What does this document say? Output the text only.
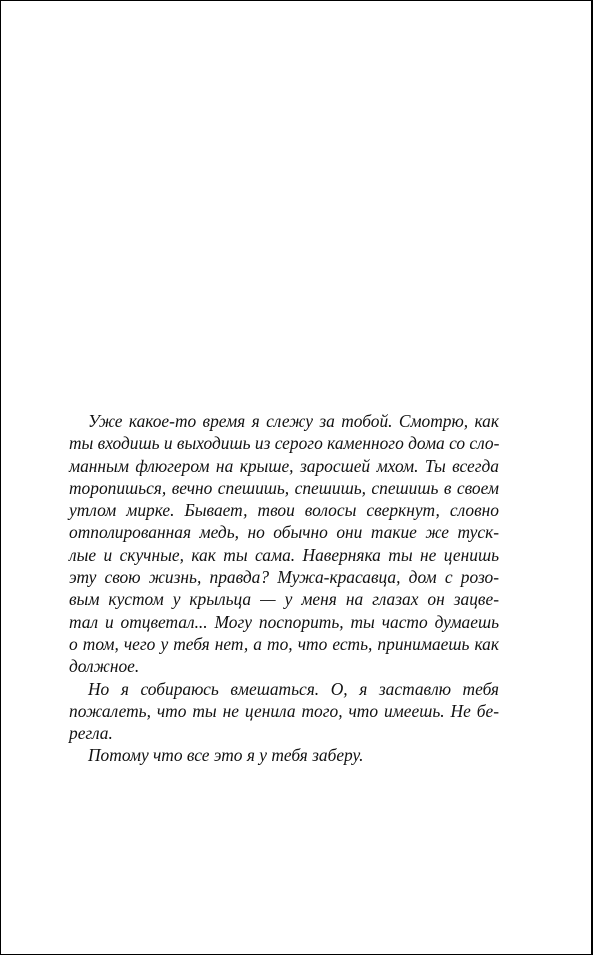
Уже какое-то время я слежу за тобой. Смотрю, как
ты входишь и выходишь из серого каменного дома со сло-
манным флюгером на крыше, заросшей мхом. Ты всегда
торопишься, вечно спешишь, спешишь, спешишь в своем
утлом мирке. Бывает, твои волосы сверкнут, словно
отполированная медь, но обычно они такие же туск-
лые и скучные, как ты сама. Наверняка ты не ценишь
эту свою жизнь, правда? Мужа-красавца, дом с розо-
вым кустом у крыльца — у меня на глазах он зацве-
тал и отцветал... Могу поспорить, ты часто думаешь
о том, чего у тебя нет, а то, что есть, принимаешь как
должное.
Но я собираюсь вмешаться. О, я заставлю тебя
пожалеть, что ты не ценила того, что имеешь. Не бе-
регла.
Потому что все это я у тебя заберу.
